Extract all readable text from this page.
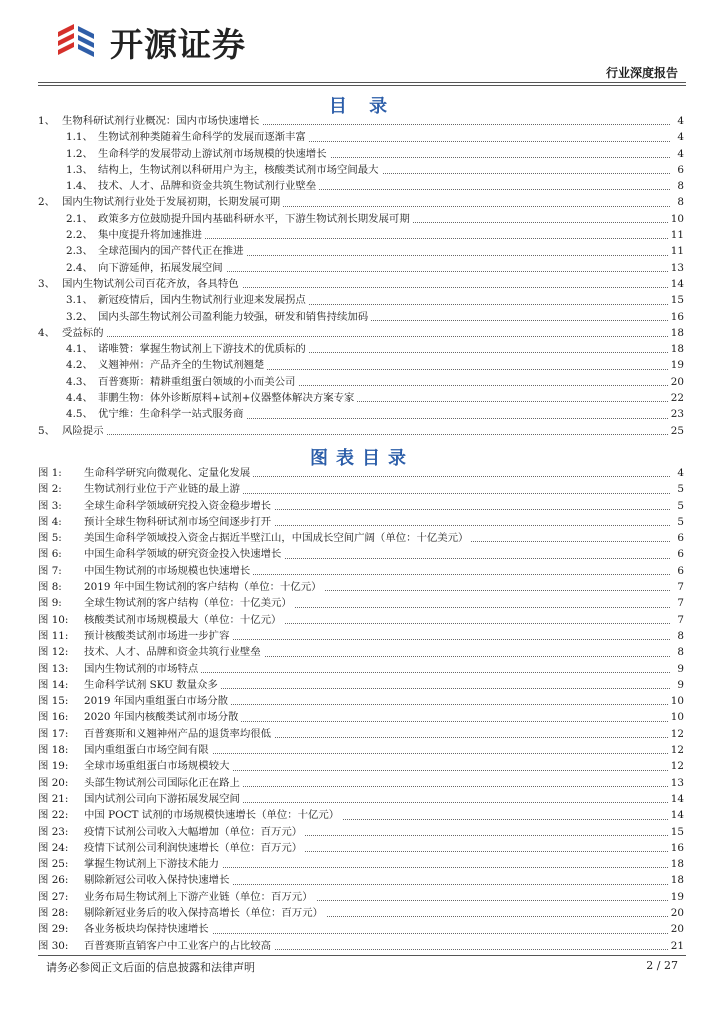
开源证券
行业深度报告
目 录
1、 生物科研试剂行业概况：国内市场快速增长	4
1.1、 生物试剂种类随着生命科学的发展而逐渐丰富	4
1.2、 生命科学的发展带动上游试剂市场规模的快速增长	4
1.3、 结构上，生物试剂以科研用户为主，核酸类试剂市场空间最大	6
1.4、 技术、人才、品牌和资金共筑生物试剂行业壁垒	8
2、 国内生物试剂行业处于发展初期，长期发展可期	8
2.1、 政策多方位鼓励提升国内基础科研水平，下游生物试剂长期发展可期	10
2.2、 集中度提升将加速推进	11
2.3、 全球范围内的国产替代正在推进	11
2.4、 向下游延伸，拓展发展空间	13
3、 国内生物试剂公司百花齐放，各具特色	14
3.1、 新冠疫情后，国内生物试剂行业迎来发展拐点	15
3.2、 国内头部生物试剂公司盈利能力较强，研发和销售持续加码	16
4、 受益标的	18
4.1、 诺唯赞：掌握生物试剂上下游技术的优质标的	18
4.2、 义翘神州：产品齐全的生物试剂翘楚	19
4.3、 百普赛斯：精耕重组蛋白领域的小而美公司	20
4.4、 菲鹏生物：体外诊断原料+试剂+仪器整体解决方案专家	22
4.5、 优宁维：生命科学一站式服务商	23
5、 风险提示	25
图表目录
图 1: 生命科学研究向微观化、定量化发展	4
图 2: 生物试剂行业位于产业链的最上游	5
图 3: 全球生命科学领域研究投入资金稳步增长	5
图 4: 预计全球生物科研试剂市场空间逐步打开	5
图 5: 美国生命科学领域投入资金占据近半壁江山，中国成长空间广阔（单位：十亿美元）	6
图 6: 中国生命科学领域的研究资金投入快速增长	6
图 7: 中国生物试剂的市场规模也快速增长	6
图 8: 2019 年中国生物试剂的客户结构（单位：十亿元）	7
图 9: 全球生物试剂的客户结构（单位：十亿美元）	7
图 10: 核酸类试剂市场规模最大（单位：十亿元）	7
图 11: 预计核酸类试剂市场进一步扩容	8
图 12: 技术、人才、品牌和资金共筑行业壁垒	8
图 13: 国内生物试剂的市场特点	9
图 14: 生命科学试剂 SKU 数量众多	9
图 15: 2019 年国内重组蛋白市场分散	10
图 16: 2020 年国内核酸类试剂市场分散	10
图 17: 百普赛斯和义翘神州产品的退货率均很低	12
图 18: 国内重组蛋白市场空间有限	12
图 19: 全球市场重组蛋白市场规模较大	12
图 20: 头部生物试剂公司国际化正在路上	13
图 21: 国内试剂公司向下游拓展发展空间	14
图 22: 中国 POCT 试剂的市场规模快速增长（单位：十亿元）	14
图 23: 疫情下试剂公司收入大幅增加（单位：百万元）	15
图 24: 疫情下试剂公司利润快速增长（单位：百万元）	16
图 25: 掌握生物试剂上下游技术能力	18
图 26: 剔除新冠公司收入保持快速增长	18
图 27: 业务布局生物试剂上下游产业链（单位：百万元）	19
图 28: 剔除新冠业务后的收入保持高增长（单位：百万元）	20
图 29: 各业务板块均保持快速增长	20
图 30: 百普赛斯直销客户中工业客户的占比较高	21
请务必参阅正文后面的信息披露和法律声明	2 / 27
